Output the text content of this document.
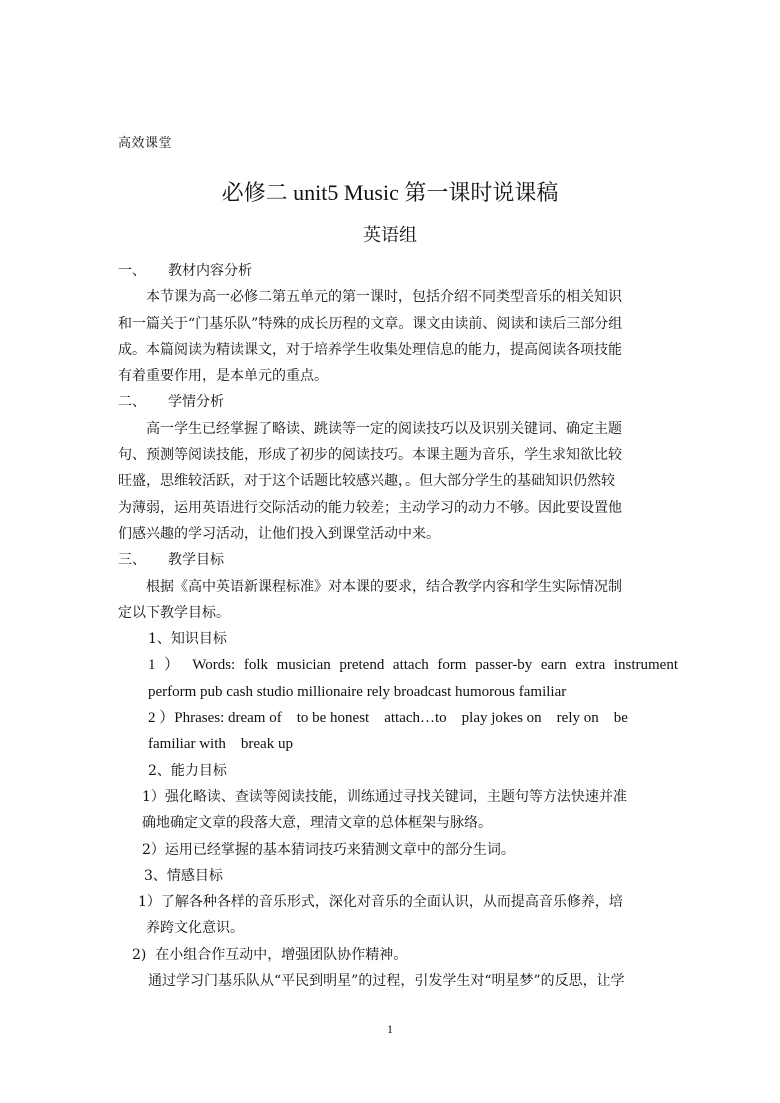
高效课堂
必修二 unit5 Music 第一课时说课稿
英语组
一、 教材内容分析
本节课为高一必修二第五单元的第一课时，包括介绍不同类型音乐的相关知识
和一篇关于“门基乐队”特殊的成长历程的文章。课文由读前、阅读和读后三部分组
成。本篇阅读为精读课文，对于培养学生收集处理信息的能力，提高阅读各项技能
有着重要作用，是本单元的重点。
二、 学情分析
高一学生已经掌握了略读、跳读等一定的阅读技巧以及识别关键词、确定主题
句、预测等阅读技能，形成了初步的阅读技巧。本课主题为音乐，学生求知欲比较
旺盛，思维较活跃，对于这个话题比较感兴趣，。但大部分学生的基础知识仍然较
为薄弱，运用英语进行交际活动的能力较差；主动学习的动力不够。因此要设置他
们感兴趣的学习活动，让他们投入到课堂活动中来。
三、 教学目标
根据《高中英语新课程标准》对本课的要求，结合教学内容和学生实际情况制
定以下教学目标。
1、知识目标
1 ） Words: folk musician pretend attach form passer-by earn extra instrument
perform pub cash studio millionaire rely broadcast humorous familiar
2 ）Phrases: dream of    to be honest    attach…to    play jokes on    rely on    be
familiar with    break up
2、能力目标
1）强化略读、查读等阅读技能，训练通过寻找关键词，主题句等方法快速并准
确地确定文章的段落大意，理清文章的总体框架与脉络。
2）运用已经掌握的基本猜词技巧来猜测文章中的部分生词。
3、情感目标
1）了解各种各样的音乐形式，深化对音乐的全面认识，从而提高音乐修养，培
养跨文化意识。
2)  在小组合作互动中，增强团队协作精神。
通过学习门基乐队从“平民到明星”的过程，引发学生对“明星梦”的反思，让学
1
